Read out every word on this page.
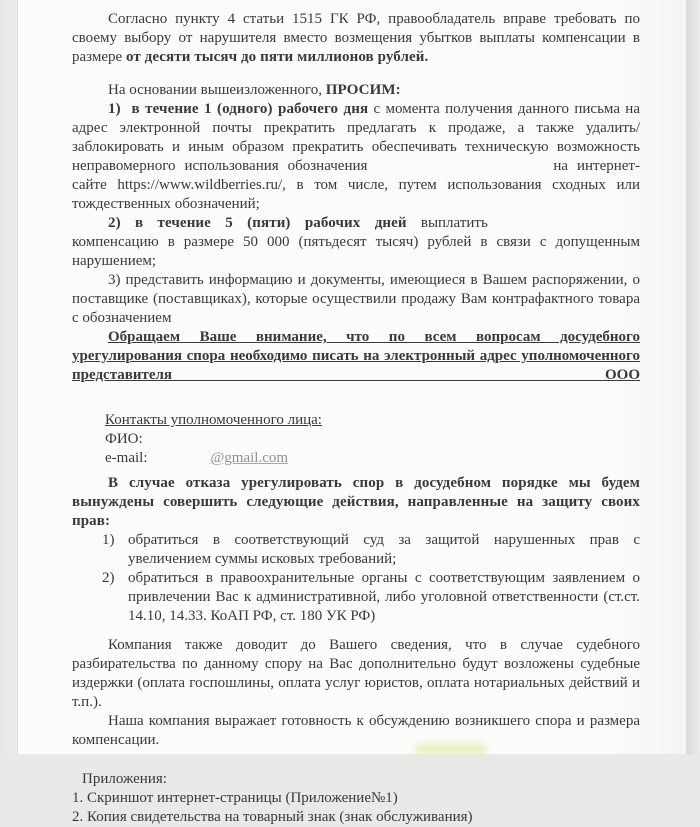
Согласно пункту 4 статьи 1515 ГК РФ, правообладатель вправе требовать по своему выбору от нарушителя вместо возмещения убытков выплаты компенсации в размере от десяти тысяч до пяти миллионов рублей.

На основании вышеизложенного, ПРОСИМ:

1)  в течение 1 (одного) рабочего дня с момента получения данного письма на адрес электронной почты прекратить предлагать к продаже, а также удалить/заблокировать и иным образом прекратить обеспечивать техническую возможность неправомерного использования обозначения	на интернет-сайте https://www.wildberries.ru/, в том числе, путем использования сходных или тождественных обозначений;

2) в течение 5 (пяти) рабочих дней выплатить  компенсацию в размере 50 000 (пятьдесят тысяч) рублей в связи с допущенным нарушением;

3) представить информацию и документы, имеющиеся в Вашем распоряжении, о поставщике (поставщиках), которые осуществили продажу Вам контрафактного товара с обозначением

Обращаем Ваше внимание, что по всем вопросам досудебного урегулирования спора необходимо писать на электронный адрес уполномоченного представителя ООО

Контакты уполномоченного лица:

ФИО:

e-mail:	@gmail.com

В случае отказа урегулировать спор в досудебном порядке мы будем вынуждены совершить следующие действия, направленные на защиту своих прав:

1) обратиться в соответствующий суд за защитой нарушенных прав с увеличением суммы исковых требований;

2) обратиться в правоохранительные органы с соответствующим заявлением о привлечении Вас к административной, либо уголовной ответственности (ст.ст. 14.10, 14.33. КоАП РФ, ст. 180 УК РФ)

Компания также доводит до Вашего сведения, что в случае судебного разбирательства по данному спору на Вас дополнительно будут возложены судебные издержки (оплата госпошлины, оплата услуг юристов, оплата нотариальных действий и т.п.).

Наша компания выражает готовность к обсуждению возникшего спора и размера компенсации.

Приложения:

1. Скриншот интернет-страницы (Приложение№1)

2. Копия свидетельства на товарный знак (знак обслуживания)
